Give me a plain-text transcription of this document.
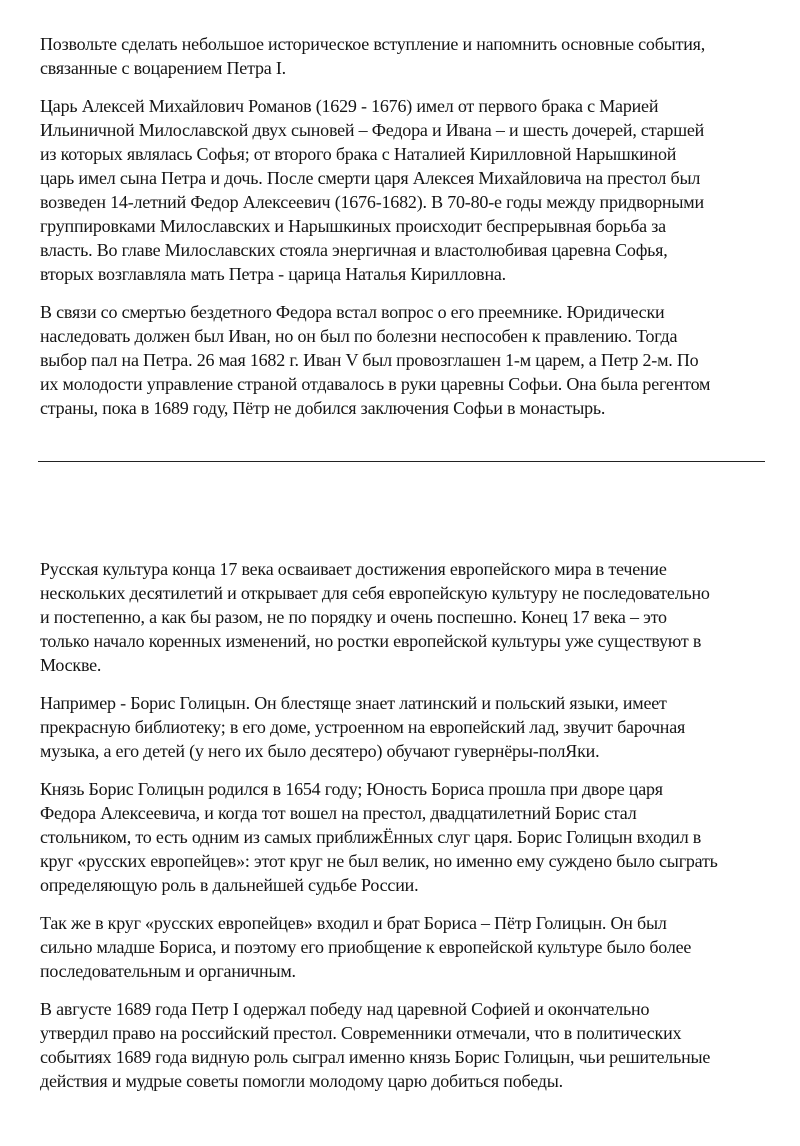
Позвольте сделать небольшое историческое вступление и напомнить основные события,
связанные с воцарением Петра I.

Царь Алексей Михайлович Романов (1629 - 1676) имел от первого брака с Марией
Ильиничной Милославской двух сыновей – Федора и Ивана – и шесть дочерей, старшей
из которых являлась Софья; от второго брака с Наталией Кирилловной Нарышкиной
царь имел сына Петра и дочь. После смерти царя Алексея Михайловича на престол был
возведен 14-летний Федор Алексеевич (1676-1682). В 70-80-е годы между придворными
группировками Милославских и Нарышкиных происходит беспрерывная борьба за
власть. Во главе Милославских стояла энергичная и властолюбивая царевна Софья,
вторых возглавляла мать Петра - царица Наталья Кирилловна.

В связи со смертью бездетного Федора встал вопрос о его преемнике. Юридически
наследовать должен был Иван, но он был по болезни неспособен к правлению. Тогда
выбор пал на Петра. 26 мая 1682 г. Иван V был провозглашен 1-м царем, а Петр 2-м. По
их молодости управление страной отдавалось в руки царевны Софьи. Она была регентом
страны, пока в 1689 году, Пётр не добился заключения Софьи в монастырь.

Русская культура конца 17 века осваивает достижения европейского мира в течение
нескольких десятилетий и открывает для себя европейскую культуру не последовательно
и постепенно, а как бы разом, не по порядку и очень поспешно. Конец 17 века – это
только начало коренных изменений, но ростки европейской культуры уже существуют в
Москве.

Например - Борис Голицын. Он блестяще знает латинский и польский языки, имеет
прекрасную библиотеку; в его доме, устроенном на европейский лад, звучит барочная
музыка, а его детей (у него их было десятеро) обучают гувернёры-полЯки.

Князь Борис Голицын родился в 1654 году; Юность Бориса прошла при дворе царя
Федора Алексеевича, и когда тот вошел на престол, двадцатилетний Борис стал
стольником, то есть одним из самых приближЁнных слуг царя. Борис Голицын входил в
круг «русских европейцев»: этот круг не был велик, но именно ему суждено было сыграть
определяющую роль в дальнейшей судьбе России.

Так же в круг «русских европейцев» входил и брат Бориса – Пётр Голицын. Он был
сильно младше Бориса, и поэтому его приобщение к европейской культуре было более
последовательным и органичным.

В августе 1689 года Петр I одержал победу над царевной Софией и окончательно
утвердил право на российский престол. Современники отмечали, что в политических
событиях 1689 года видную роль сыграл именно князь Борис Голицын, чьи решительные
действия и мудрые советы помогли молодому царю добиться победы.
